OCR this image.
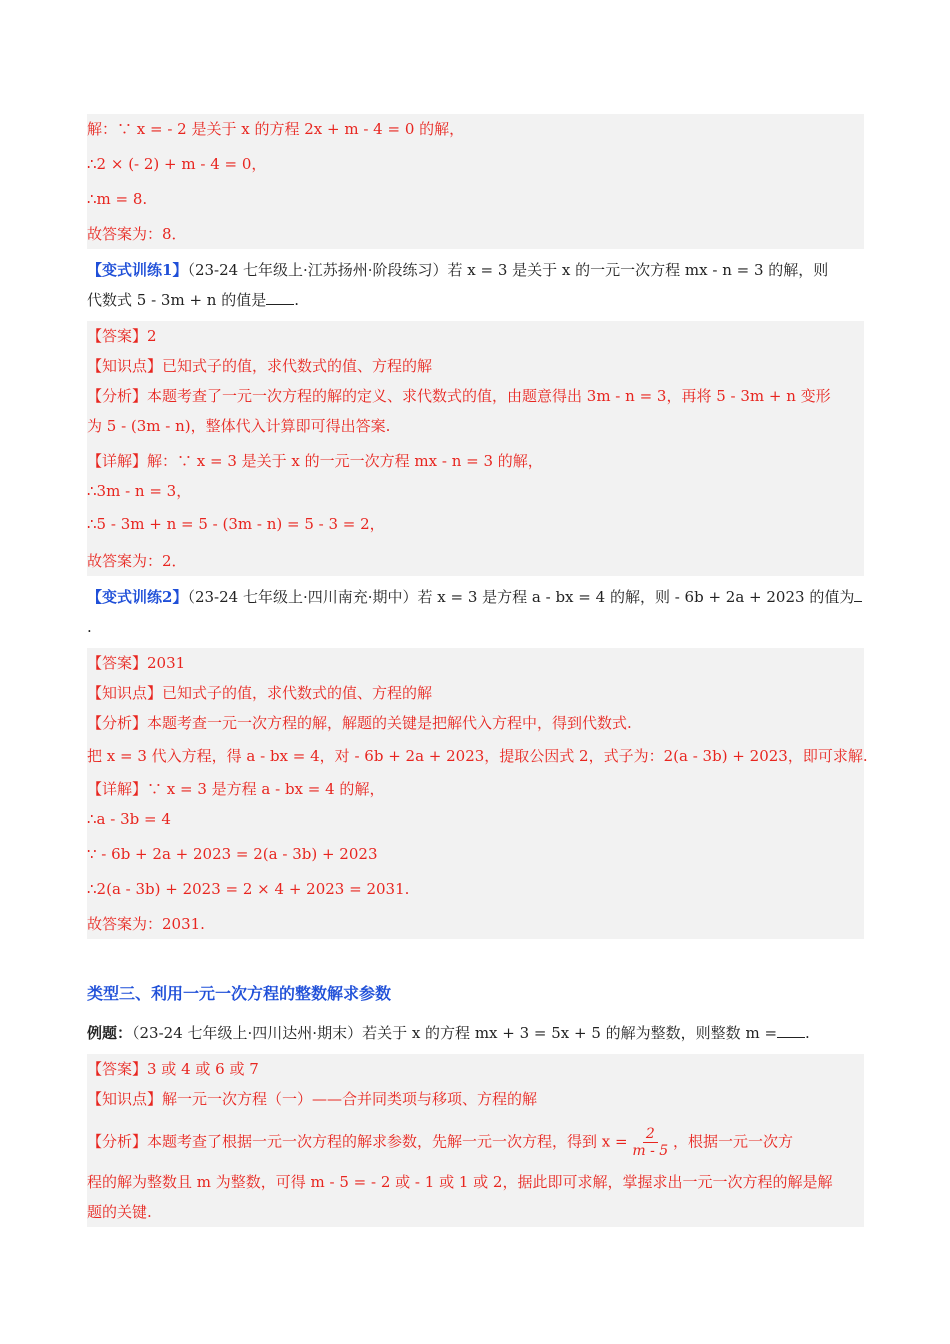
解：∵ x = - 2 是关于 x 的方程 2x + m - 4 = 0 的解，
∴2 × (- 2) + m - 4 = 0，
∴m = 8.
故答案为：8．
【变式训练1】（23-24 七年级上·江苏扬州·阶段练习）若 x = 3 是关于 x 的一元一次方程 mx - n = 3 的解，则
代数式 5 - 3m + n 的值是 .
【答案】2
【知识点】已知式子的值，求代数式的值、方程的解
【分析】本题考查了一元一次方程的解的定义、求代数式的值，由题意得出 3m - n = 3，再将 5 - 3m + n 变形
为 5 - (3m - n)，整体代入计算即可得出答案.
【详解】解：∵ x = 3 是关于 x 的一元一次方程 mx - n = 3 的解，
∴3m - n = 3，
∴5 - 3m + n = 5 - (3m - n) = 5 - 3 = 2，
故答案为：2．
【变式训练2】（23-24 七年级上·四川南充·期中）若 x = 3 是方程 a - bx = 4 的解，则 - 6b + 2a + 2023 的值为
.
【答案】2031
【知识点】已知式子的值，求代数式的值、方程的解
【分析】本题考查一元一次方程的解，解题的关键是把解代入方程中，得到代数式.
把 x = 3 代入方程，得 a - bx = 4，对 - 6b + 2a + 2023，提取公因式 2，式子为：2(a - 3b) + 2023，即可求解.
【详解】∵ x = 3 是方程 a - bx = 4 的解，
∴a - 3b = 4
∵ - 6b + 2a + 2023 = 2(a - 3b) + 2023
∴2(a - 3b) + 2023 = 2 × 4 + 2023 = 2031.
故答案为：2031.
类型三、利用一元一次方程的整数解求参数
例题：（23-24 七年级上·四川达州·期末）若关于 x 的方程 mx + 3 = 5x + 5 的解为整数，则整数 m = .
【答案】3 或 4 或 6 或 7
【知识点】解一元一次方程（一）——合并同类项与移项、方程的解
【分析】本题考查了根据一元一次方程的解求参数，先解一元一次方程，得到 $x = \frac{2}{m - 5}$ ，根据一元一次方
程的解为整数且 m 为整数，可得 m - 5 = - 2 或 - 1 或 1 或 2，据此即可求解，掌握求出一元一次方程的解是解
题的关键.
